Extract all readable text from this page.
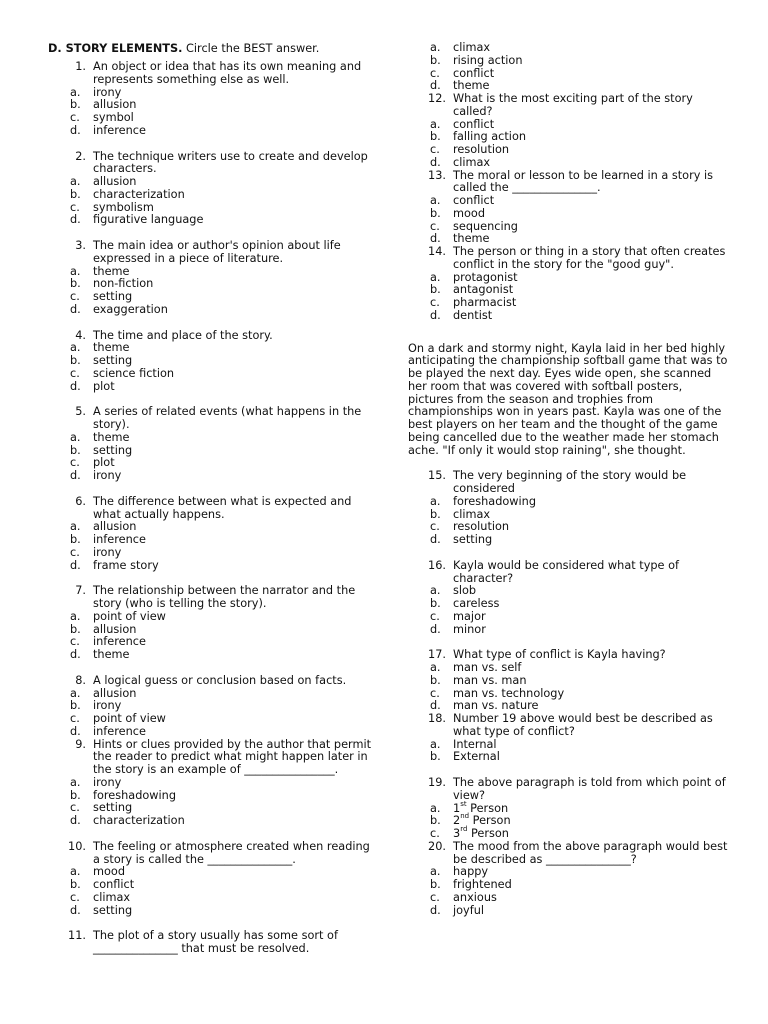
D. STORY ELEMENTS. Circle the BEST answer.
1. An object or idea that has its own meaning and represents something else as well.
a. irony
b. allusion
c. symbol
d. inference
2. The technique writers use to create and develop characters.
a. allusion
b. characterization
c. symbolism
d. figurative language
3. The main idea or author's opinion about life expressed in a piece of literature.
a. theme
b. non-fiction
c. setting
d. exaggeration
4. The time and place of the story.
a. theme
b. setting
c. science fiction
d. plot
5. A series of related events (what happens in the story).
a. theme
b. setting
c. plot
d. irony
6. The difference between what is expected and what actually happens.
a. allusion
b. inference
c. irony
d. frame story
7. The relationship between the narrator and the story (who is telling the story).
a. point of view
b. allusion
c. inference
d. theme
8. A logical guess or conclusion based on facts.
a. allusion
b. irony
c. point of view
d. inference
9. Hints or clues provided by the author that permit the reader to predict what might happen later in the story is an example of ________________.
a. irony
b. foreshadowing
c. setting
d. characterization
10. The feeling or atmosphere created when reading a story is called the _______________.
a. mood
b. conflict
c. climax
d. setting
11. The plot of a story usually has some sort of _______________ that must be resolved.
a. climax
b. rising action
c. conflict
d. theme
12. What is the most exciting part of the story called?
a. conflict
b. falling action
c. resolution
d. climax
13. The moral or lesson to be learned in a story is called the _______________.
a. conflict
b. mood
c. sequencing
d. theme
14. The person or thing in a story that often creates conflict in the story for the "good guy".
a. protagonist
b. antagonist
c. pharmacist
d. dentist
On a dark and stormy night, Kayla laid in her bed highly anticipating the championship softball game that was to be played the next day. Eyes wide open, she scanned her room that was covered with softball posters, pictures from the season and trophies from championships won in years past. Kayla was one of the best players on her team and the thought of the game being cancelled due to the weather made her stomach ache. "If only it would stop raining", she thought.
15. The very beginning of the story would be considered
a. foreshadowing
b. climax
c. resolution
d. setting
16. Kayla would be considered what type of character?
a. slob
b. careless
c. major
d. minor
17. What type of conflict is Kayla having?
a. man vs. self
b. man vs. man
c. man vs. technology
d. man vs. nature
18. Number 19 above would best be described as what type of conflict?
a. Internal
b. External
19. The above paragraph is told from which point of view?
a. 1st Person
b. 2nd Person
c. 3rd Person
20. The mood from the above paragraph would best be described as _______________?
a. happy
b. frightened
c. anxious
d. joyful
